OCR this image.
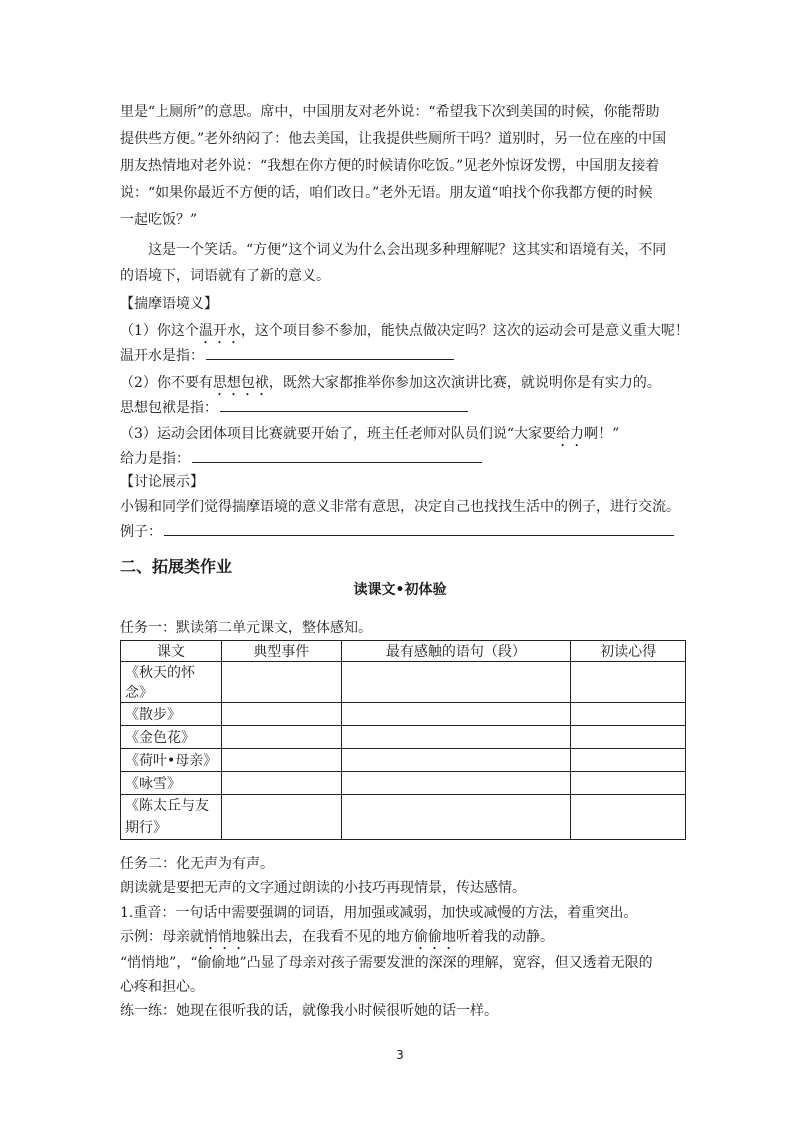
里是“上厕所”的意思。席中，中国朋友对老外说：“希望我下次到美国的时候，你能帮助
提供些方便。”老外纳闷了：他去美国，让我提供些厕所干吗？道别时，另一位在座的中国
朋友热情地对老外说：“我想在你方便的时候请你吃饭。”见老外惊讶发愣，中国朋友接着
说：“如果你最近不方便的话，咱们改日。”老外无语。朋友道“咱找个你我都方便的时候
一起吃饭？”
这是一个笑话。“方便”这个词义为什么会出现多种理解呢？这其实和语境有关，不同
的语境下，词语就有了新的意义。
【揣摩语境义】
（1）你这个温开水，这个项目参不参加，能快点做决定吗？这次的运动会可是意义重大呢！
温开水是指：
（2）你不要有思想包袱，既然大家都推举你参加这次演讲比赛，就说明你是有实力的。
思想包袱是指：
（3）运动会团体项目比赛就要开始了，班主任老师对队员们说“大家要给力啊！”
给力是指：
【讨论展示】
小锡和同学们觉得揣摩语境的意义非常有意思，决定自己也找找生活中的例子，进行交流。
例子：
二、拓展类作业
读课文•初体验
任务一：默读第二单元课文，整体感知。
课文	典型事件	最有感触的语句（段）	初读心得
《秋天的怀念》			
《散步》			
《金色花》			
《荷叶•母亲》			
《咏雪》			
《陈太丘与友期行》			
任务二：化无声为有声。
朗读就是要把无声的文字通过朗读的小技巧再现情景，传达感情。
1.重音：一句话中需要强调的词语，用加强或减弱，加快或减慢的方法，着重突出。
示例：母亲就悄悄地躲出去，在我看不见的地方偷偷地听着我的动静。
“悄悄地”，“偷偷地”凸显了母亲对孩子需要发泄的深深的理解，宽容，但又透着无限的
心疼和担心。
练一练：她现在很听我的话，就像我小时候很听她的话一样。
3
